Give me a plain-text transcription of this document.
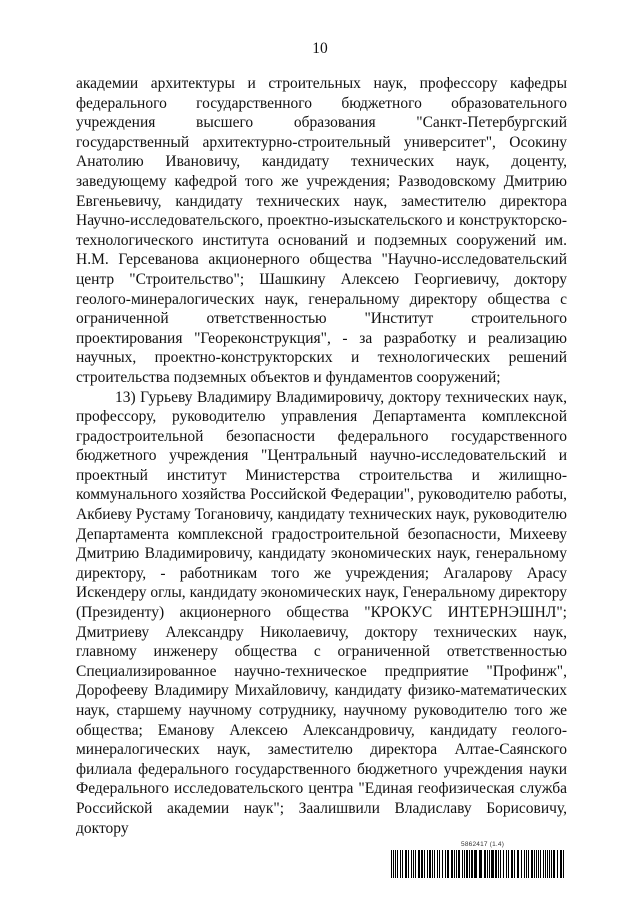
10

академии архитектуры и строительных наук, профессору кафедры федерального государственного бюджетного образовательного учреждения высшего образования "Санкт-Петербургский государственный архитектурно-строительный университет", Осокину Анатолию Ивановичу, кандидату технических наук, доценту, заведующему кафедрой того же учреждения; Разводовскому Дмитрию Евгеньевичу, кандидату технических наук, заместителю директора Научно-исследовательского, проектно-изыскательского и конструкторско-технологического института оснований и подземных сооружений им. Н.М. Герсеванова акционерного общества "Научно-исследовательский центр "Строительство"; Шашкину Алексею Георгиевичу, доктору геолого-минералогических наук, генеральному директору общества с ограниченной ответственностью "Институт строительного проектирования "Геореконструкция", - за разработку и реализацию научных, проектно-конструкторских и технологических решений строительства подземных объектов и фундаментов сооружений;

13) Гурьеву Владимиру Владимировичу, доктору технических наук, профессору, руководителю управления Департамента комплексной градостроительной безопасности федерального государственного бюджетного учреждения "Центральный научно-исследовательский и проектный институт Министерства строительства и жилищно-коммунального хозяйства Российской Федерации", руководителю работы, Акбиеву Рустаму Тогановичу, кандидату технических наук, руководителю Департамента комплексной градостроительной безопасности, Михееву Дмитрию Владимировичу, кандидату экономических наук, генеральному директору, - работникам того же учреждения; Агаларову Арасу Искендеру оглы, кандидату экономических наук, Генеральному директору (Президенту) акционерного общества "КРОКУС ИНТЕРНЭШНЛ"; Дмитриеву Александру Николаевичу, доктору технических наук, главному инженеру общества с ограниченной ответственностью Специализированное научно-техническое предприятие "Профинж", Дорофееву Владимиру Михайловичу, кандидату физико-математических наук, старшему научному сотруднику, научному руководителю того же общества; Еманову Алексею Александровичу, кандидату геолого-минералогических наук, заместителю директора Алтае-Саянского филиала федерального государственного бюджетного учреждения науки Федерального исследовательского центра "Единая геофизическая служба Российской академии наук"; Заалишвили Владиславу Борисовичу, доктору

5862417 (1.4)
